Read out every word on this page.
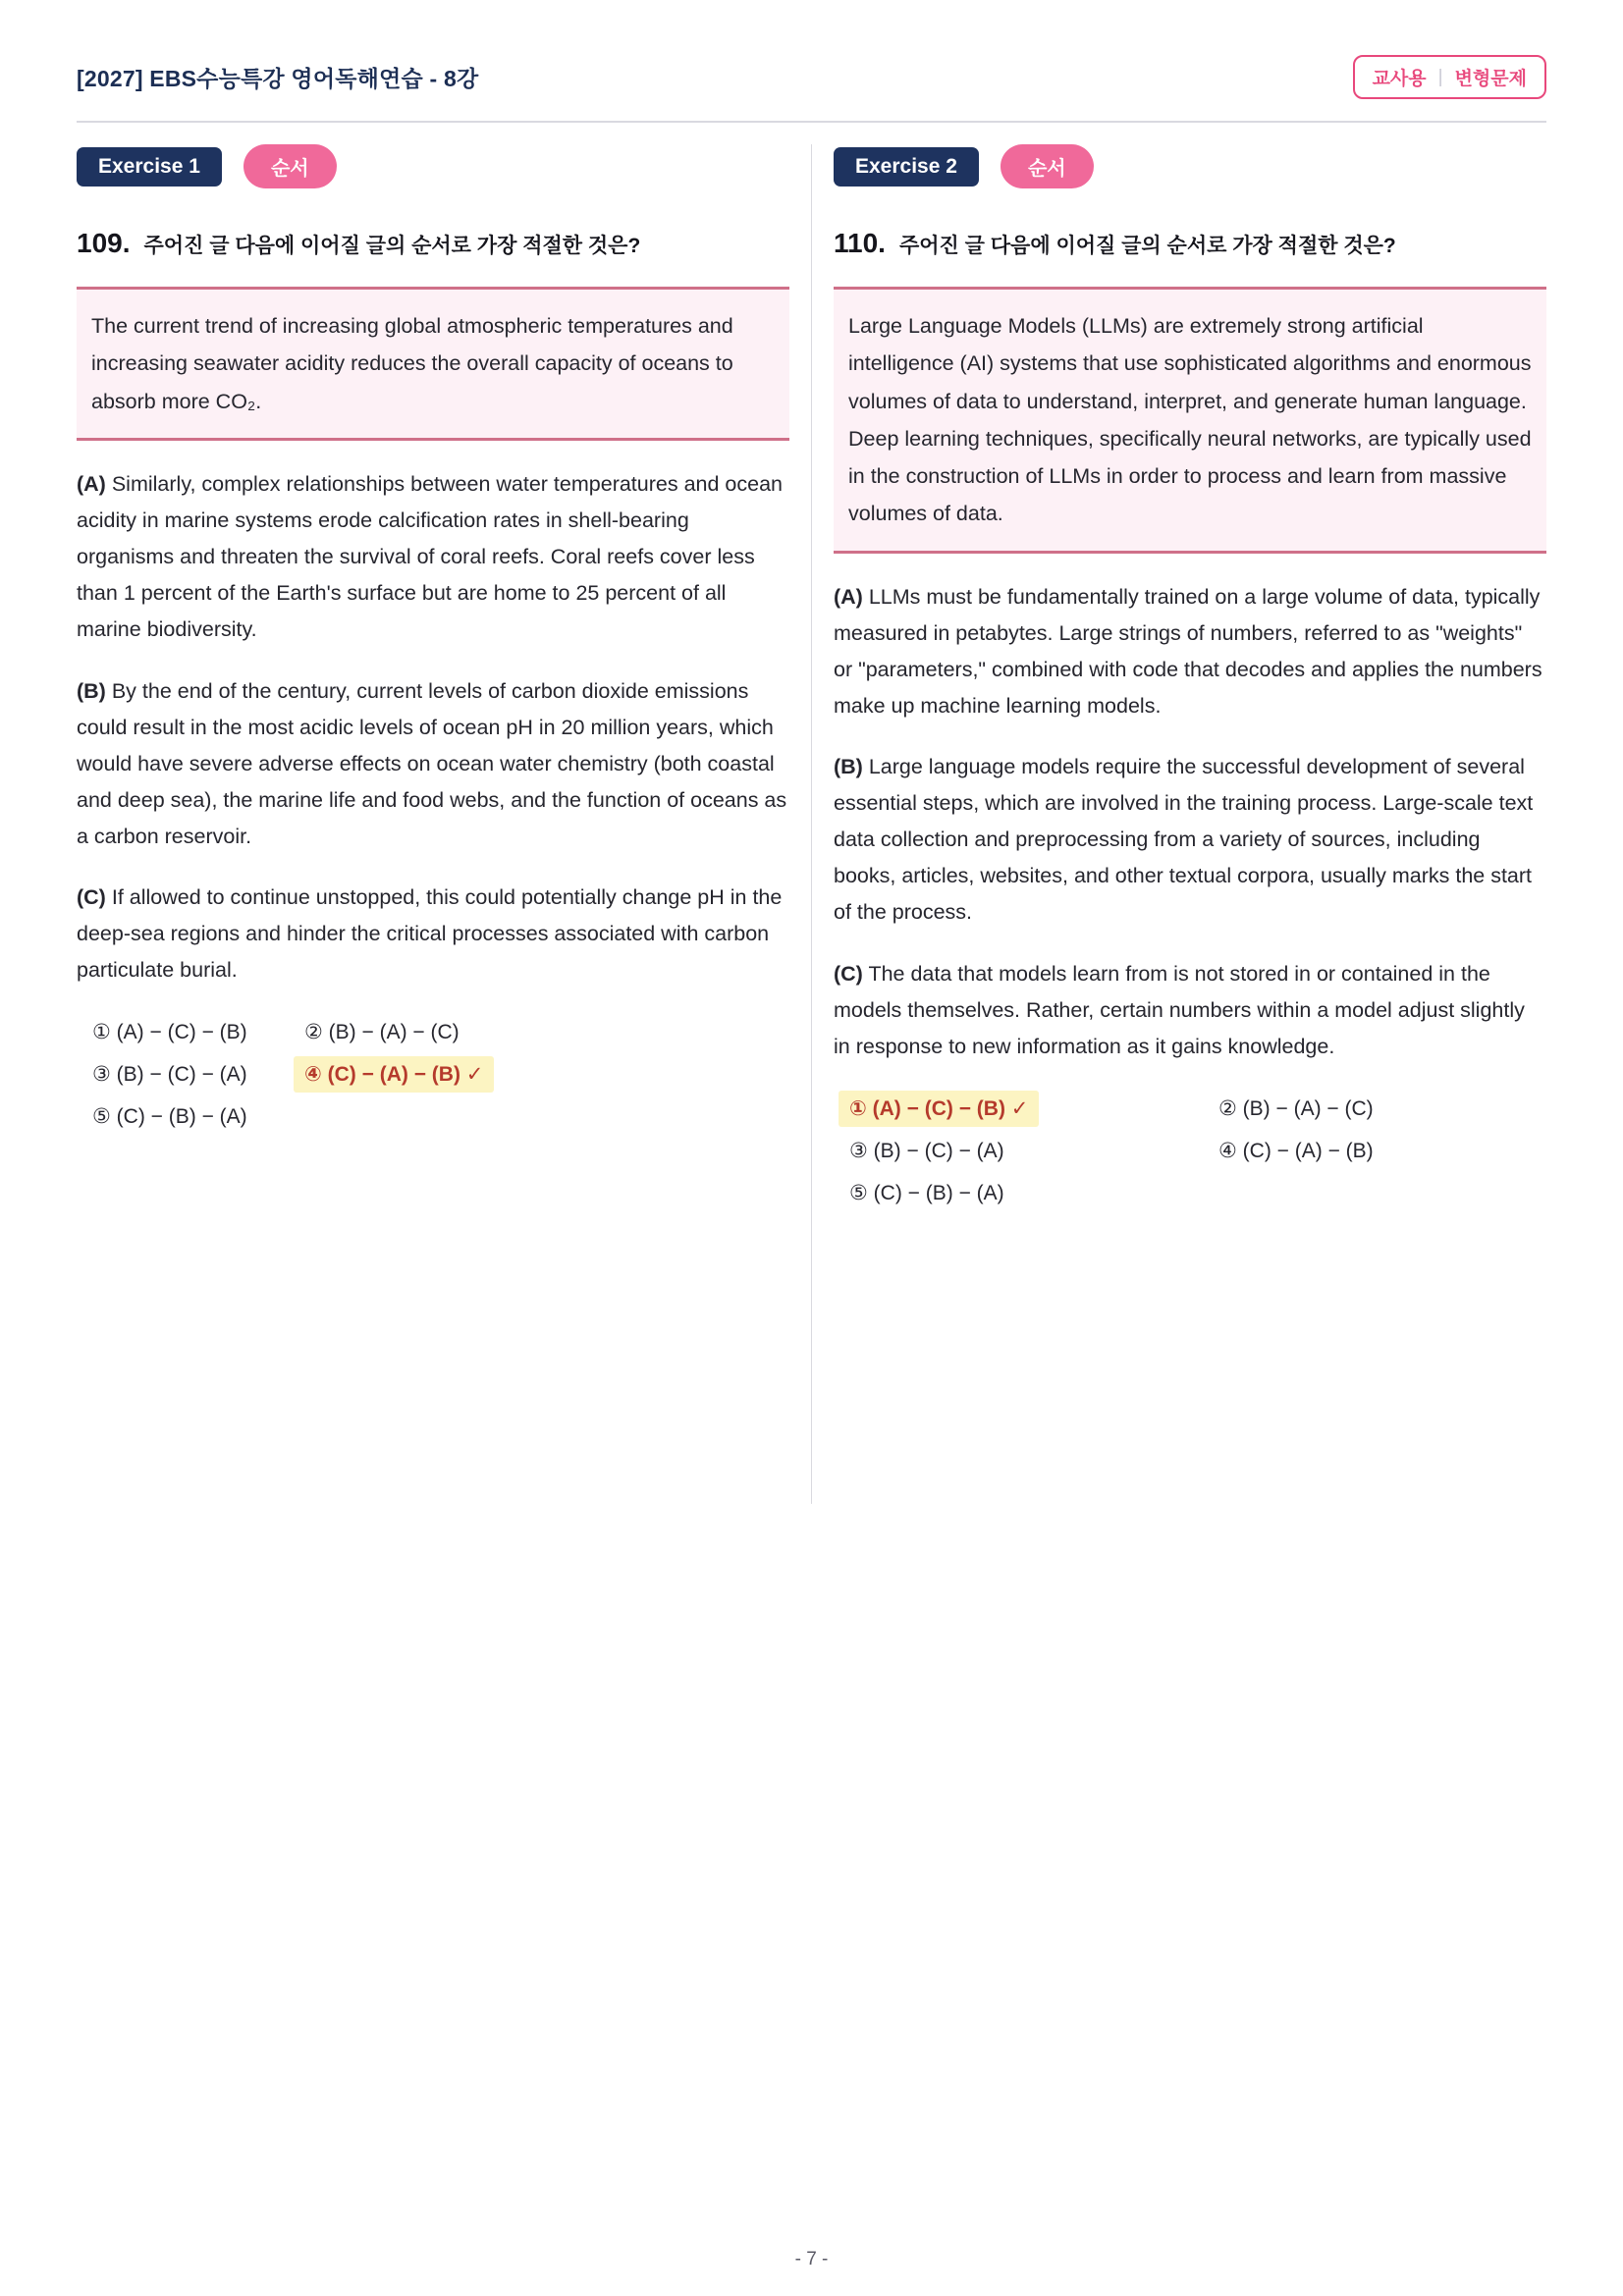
[2027] EBS수능특강 영어독해연습 - 8강	교사용 | 변형문제
Exercise 1	순서
109. 주어진 글 다음에 이어질 글의 순서로 가장 적절한 것은?

The current trend of increasing global atmospheric temperatures and increasing seawater acidity reduces the overall capacity of oceans to absorb more CO₂.

(A) Similarly, complex relationships between water temperatures and ocean acidity in marine systems erode calcification rates in shell-bearing organisms and threaten the survival of coral reefs. Coral reefs cover less than 1 percent of the Earth's surface but are home to 25 percent of all marine biodiversity.

(B) By the end of the century, current levels of carbon dioxide emissions could result in the most acidic levels of ocean pH in 20 million years, which would have severe adverse effects on ocean water chemistry (both coastal and deep sea), the marine life and food webs, and the function of oceans as a carbon reservoir.

(C) If allowed to continue unstopped, this could potentially change pH in the deep-sea regions and hinder the critical processes associated with carbon particulate burial.

① (A) − (C) − (B)	② (B) − (A) − (C)
③ (B) − (C) − (A)	④ (C) − (A) − (B) ✓
⑤ (C) − (B) − (A)
Exercise 2	순서
110. 주어진 글 다음에 이어질 글의 순서로 가장 적절한 것은?

Large Language Models (LLMs) are extremely strong artificial intelligence (AI) systems that use sophisticated algorithms and enormous volumes of data to understand, interpret, and generate human language. Deep learning techniques, specifically neural networks, are typically used in the construction of LLMs in order to process and learn from massive volumes of data.

(A) LLMs must be fundamentally trained on a large volume of data, typically measured in petabytes. Large strings of numbers, referred to as "weights" or "parameters," combined with code that decodes and applies the numbers make up machine learning models.

(B) Large language models require the successful development of several essential steps, which are involved in the training process. Large-scale text data collection and preprocessing from a variety of sources, including books, articles, websites, and other textual corpora, usually marks the start of the process.

(C) The data that models learn from is not stored in or contained in the models themselves. Rather, certain numbers within a model adjust slightly in response to new information as it gains knowledge.

① (A) − (C) − (B) ✓	② (B) − (A) − (C)
③ (B) − (C) − (A)	④ (C) − (A) − (B)
⑤ (C) − (B) − (A)
- 7 -
